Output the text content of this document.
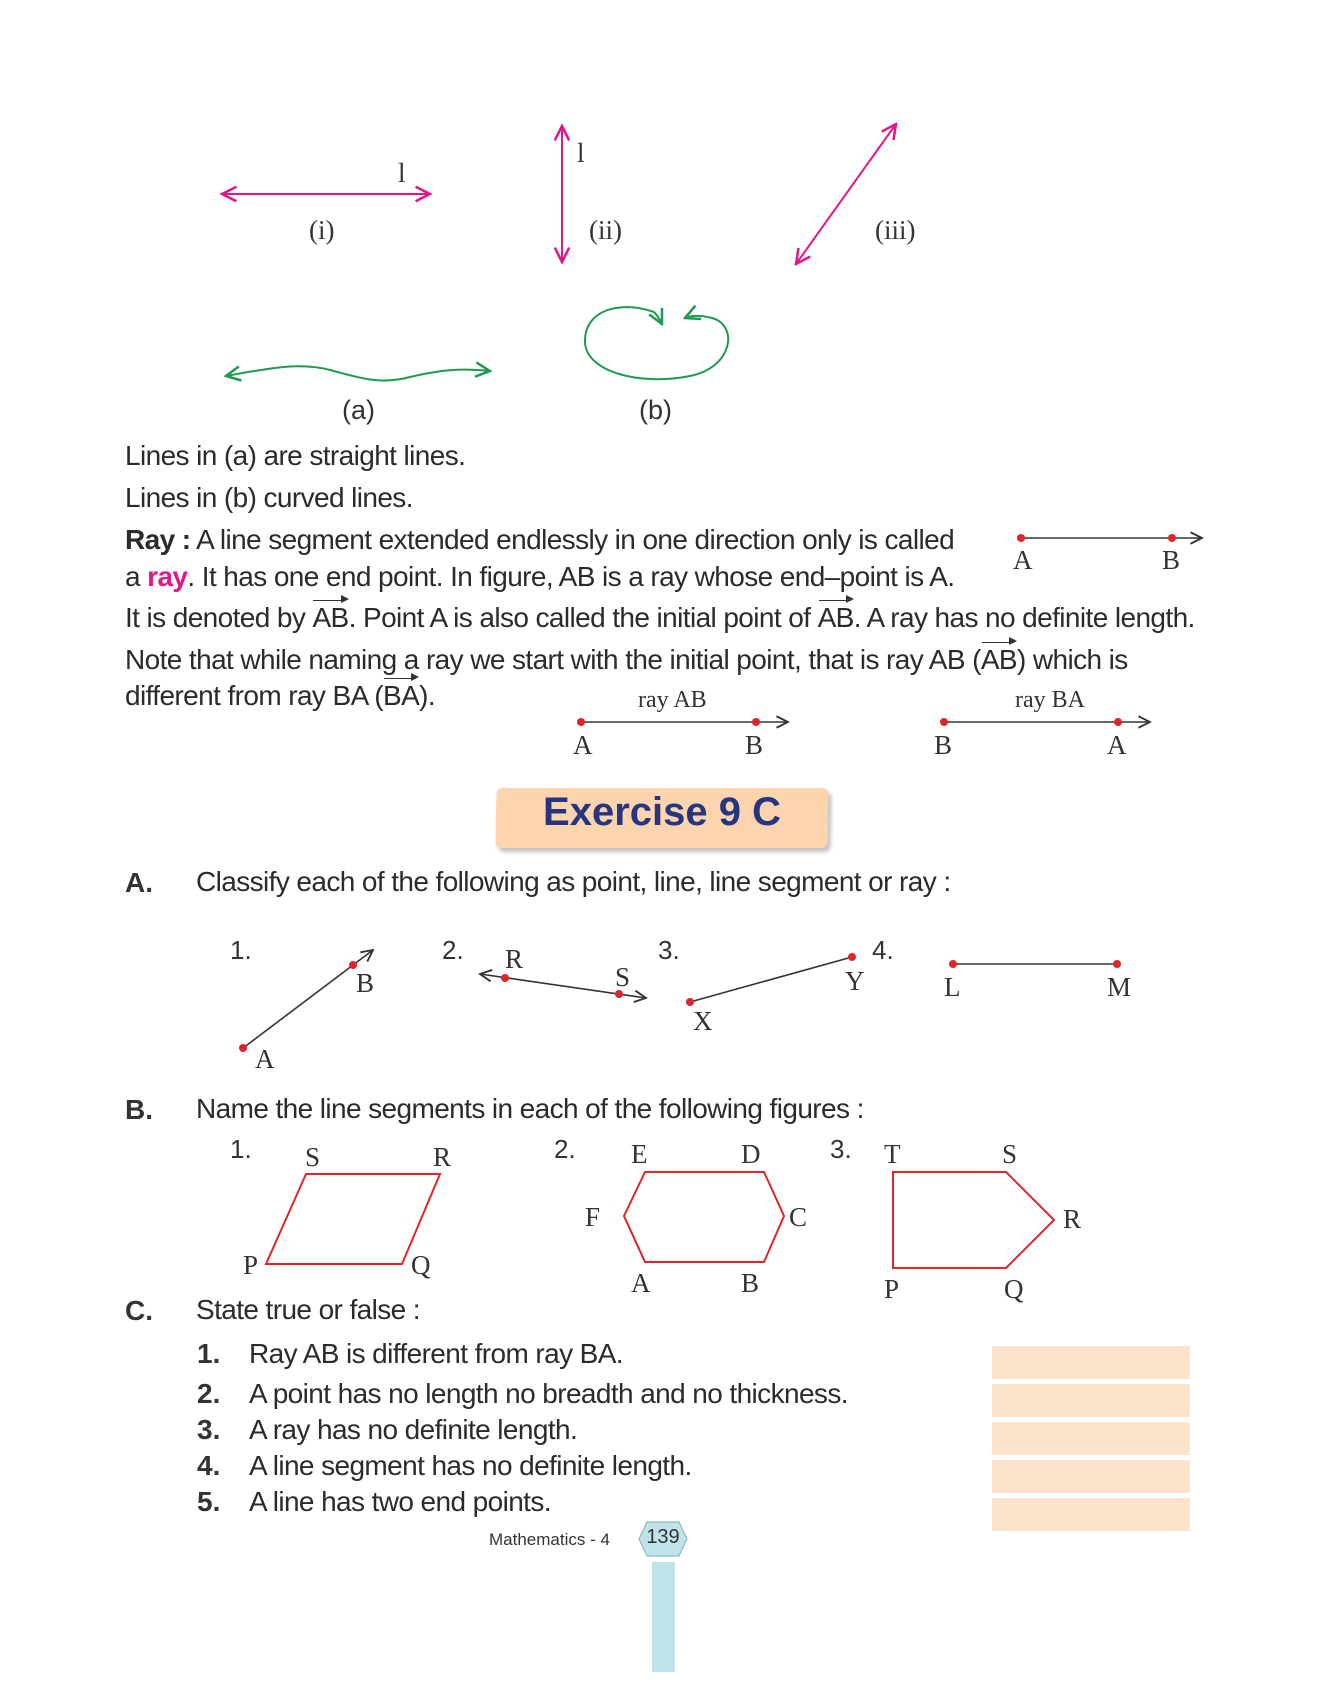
l
l
(i)	(ii)	(iii)
(a)	(b)
Lines in (a) are straight lines.
Lines in (b) curved lines.
Ray : A line segment extended endlessly in one direction only is called
a ray. It has one end point. In figure, AB is a ray whose end–point is A.
It is denoted by AB. Point A is also called the initial point of AB. A ray has no definite length.
Note that while naming a ray we start with the initial point, that is ray AB (AB) which is
different from ray BA (BA).
A	B
ray AB	ray BA
A	B	B	A
Exercise 9 C
A. Classify each of the following as point, line, line segment or ray :
1.	2.	3.	4.
A
B
R
S
X
Y	L	M
B. Name the line segments in each of the following figures :
1.	2.	3.
S	R
P	Q
E	D
F	C
A	B
T	S
R
P	Q
C. State true or false :
1. Ray AB is different from ray BA.
2. A point has no length no breadth and no thickness.
3. A ray has no definite length.
4. A line segment has no definite length.
5. A line has two end points.
139
Mathematics - 4
